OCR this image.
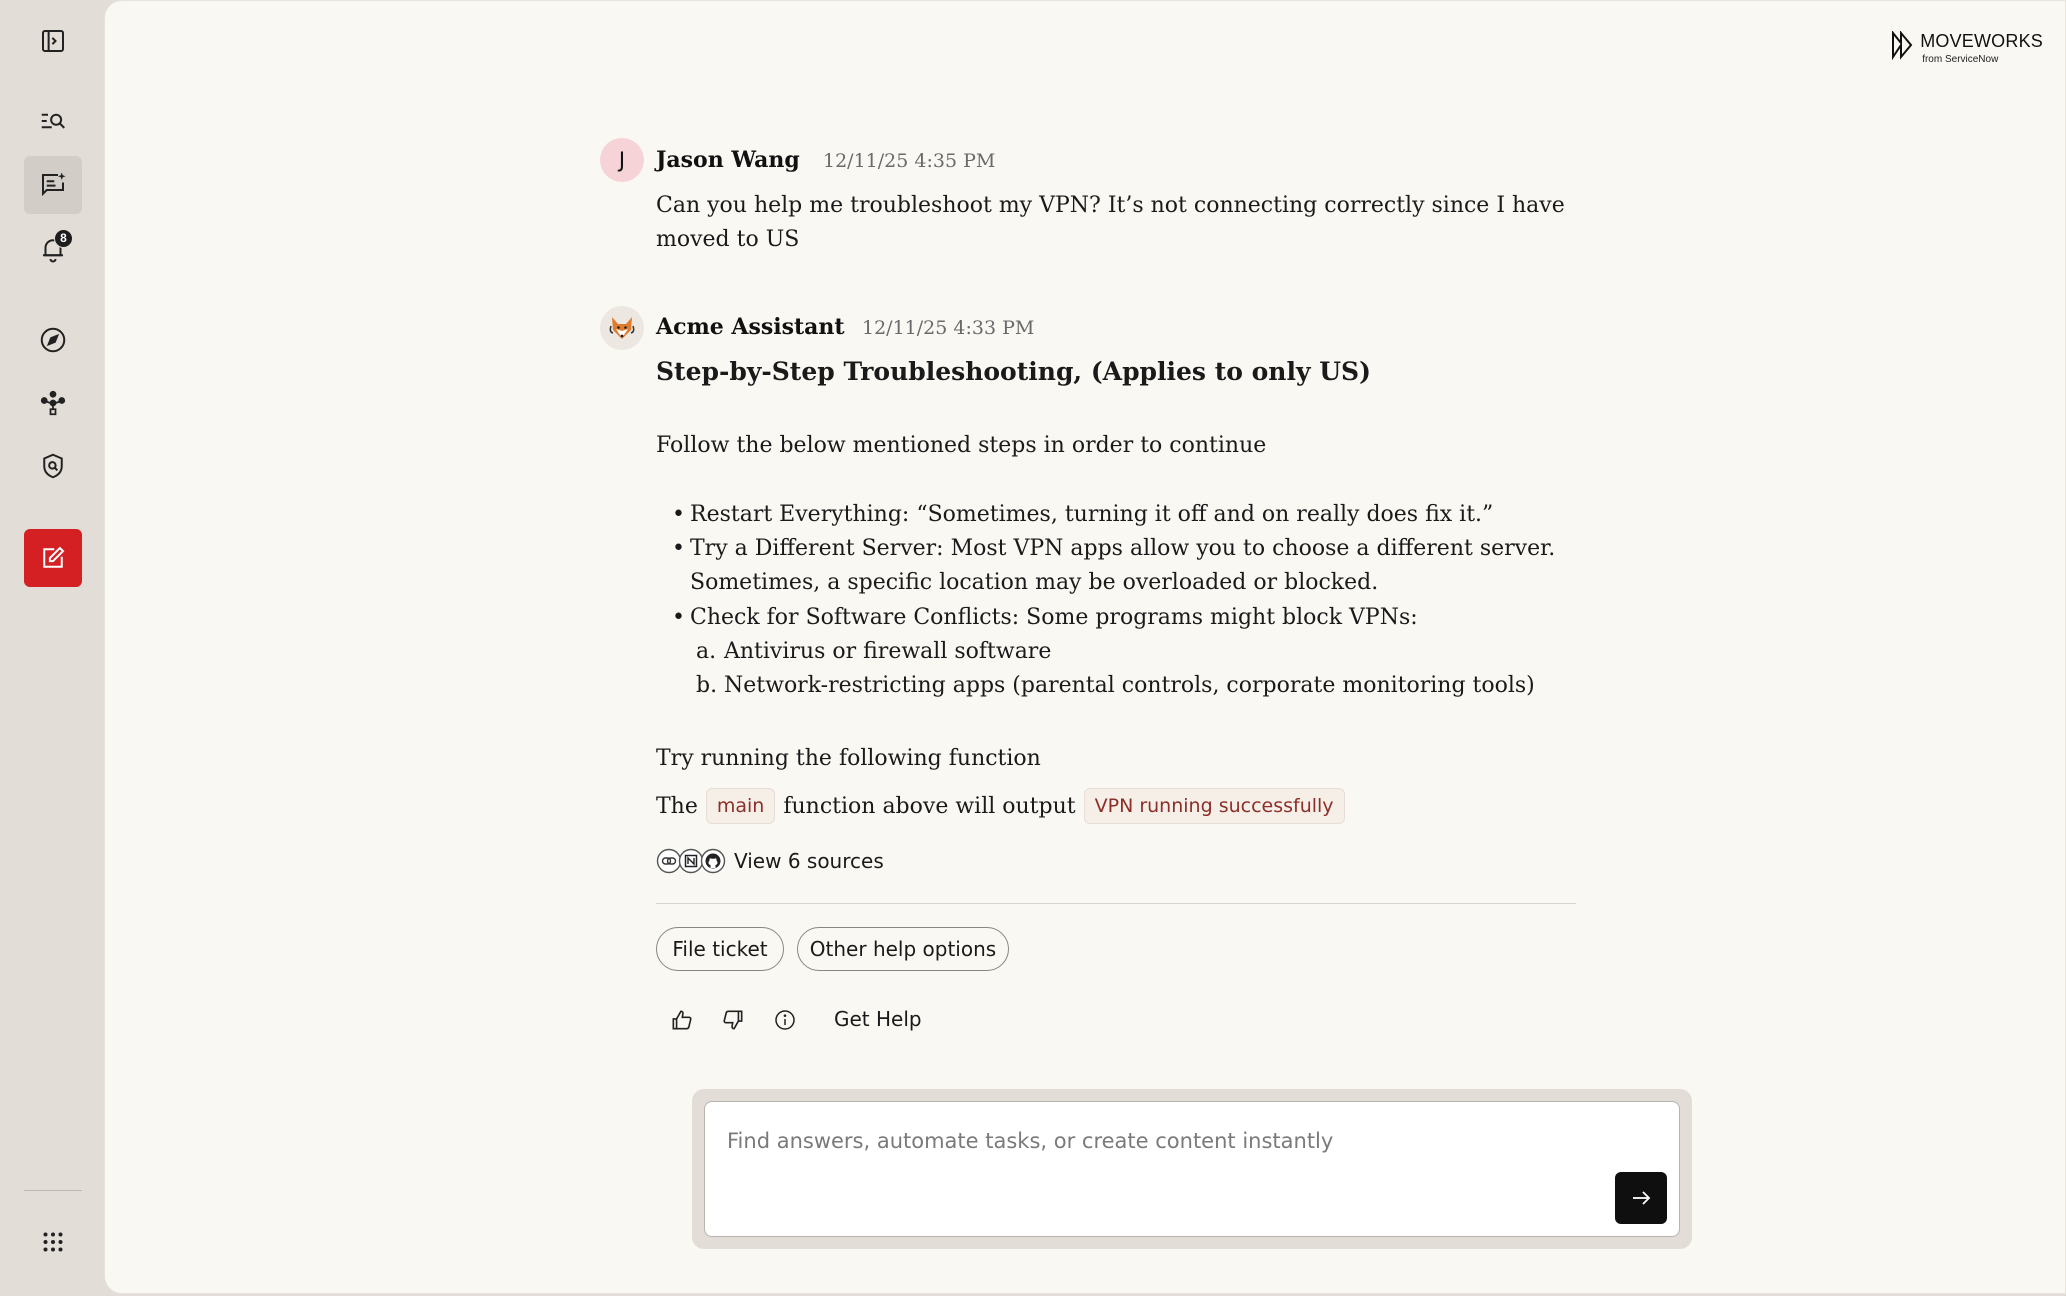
8
MOVEWORKS
from ServiceNow
J	Jason Wang 12/11/25 4:35 PM
Can you help me troubleshoot my VPN? It’s not connecting correctly since I have
moved to US
Acme Assistant 12/11/25 4:33 PM
Step-by-Step Troubleshooting, (Applies to only US)
Follow the below mentioned steps in order to continue
• Restart Everything: “Sometimes, turning it off and on really does fix it.”
• Try a Different Server: Most VPN apps allow you to choose a different server.
Sometimes, a specific location may be overloaded or blocked.
• Check for Software Conflicts: Some programs might block VPNs:
a. Antivirus or firewall software
b. Network-restricting apps (parental controls, corporate monitoring tools)
Try running the following function
The	main function above will output	VPN running successfully
View 6 sources
File ticket	Other help options
Get Help
Find answers, automate tasks, or create content instantly
